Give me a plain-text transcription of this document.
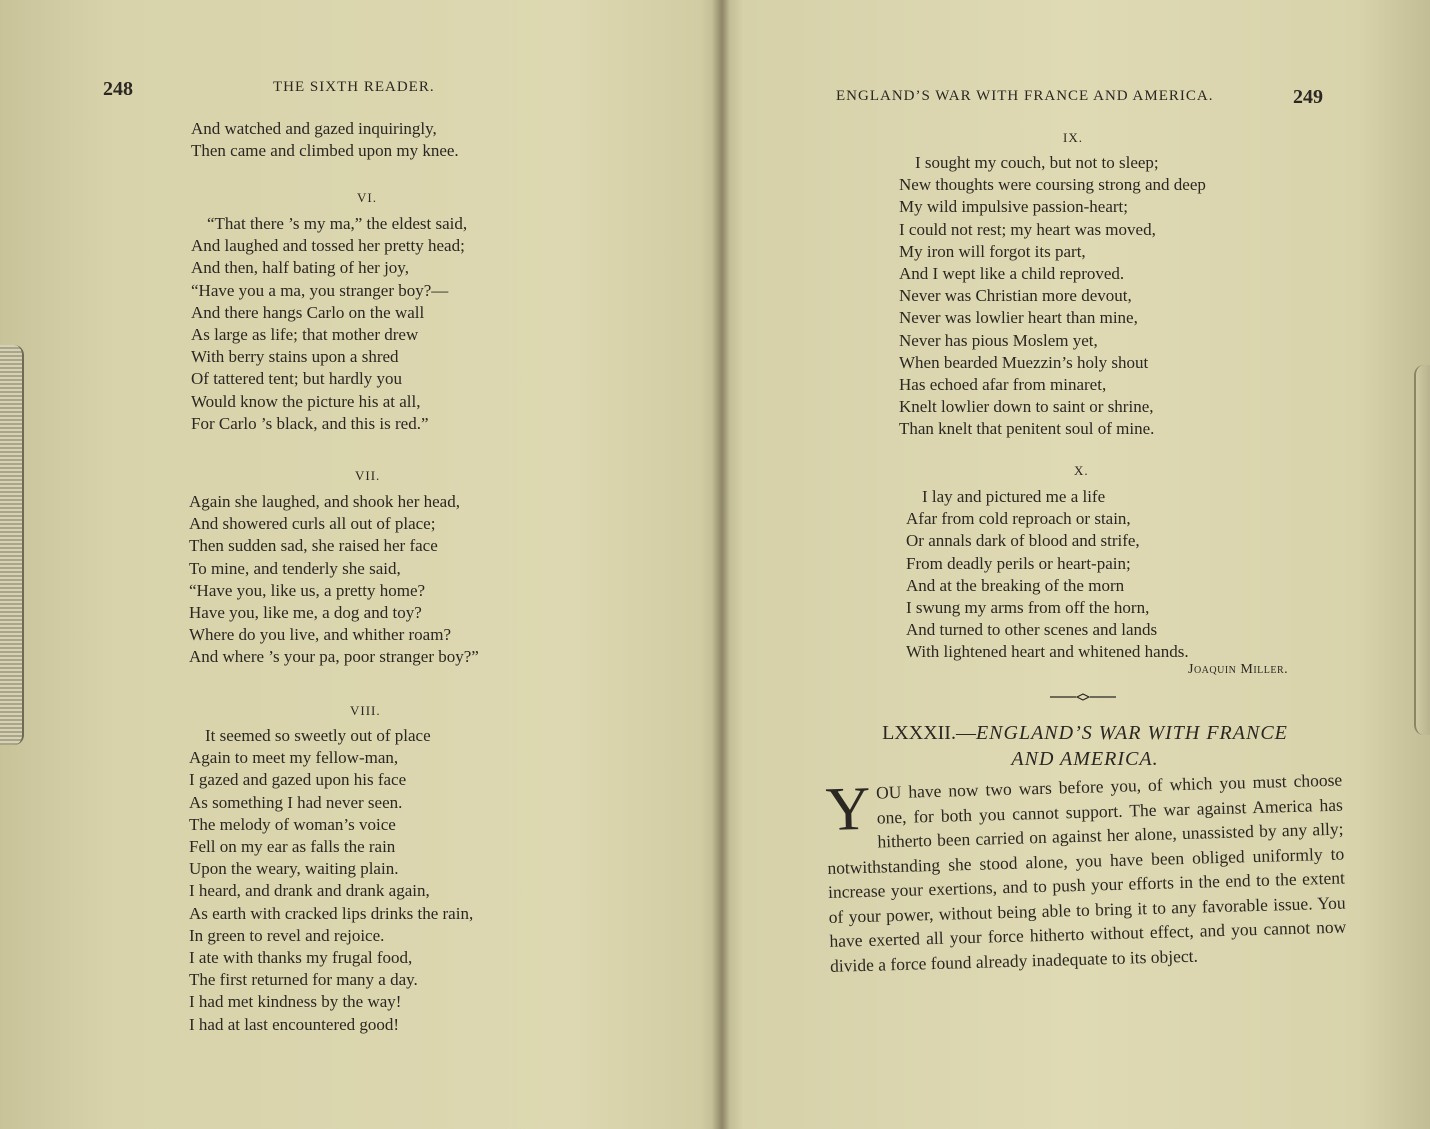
248	THE SIXTH READER.
And watched and gazed inquiringly,
Then came and climbed upon my knee.
VI.
“That there ’s my ma,” the eldest said,
And laughed and tossed her pretty head;
And then, half bating of her joy,
“Have you a ma, you stranger boy?—
And there hangs Carlo on the wall
As large as life; that mother drew
With berry stains upon a shred
Of tattered tent; but hardly you
Would know the picture his at all,
For Carlo ’s black, and this is red.”
VII.
Again she laughed, and shook her head,
And showered curls all out of place;
Then sudden sad, she raised her face
To mine, and tenderly she said,
“Have you, like us, a pretty home?
Have you, like me, a dog and toy?
Where do you live, and whither roam?
And where ’s your pa, poor stranger boy?”
VIII.
It seemed so sweetly out of place
Again to meet my fellow-man,
I gazed and gazed upon his face
As something I had never seen.
The melody of woman’s voice
Fell on my ear as falls the rain
Upon the weary, waiting plain.
I heard, and drank and drank again,
As earth with cracked lips drinks the rain,
In green to revel and rejoice.
I ate with thanks my frugal food,
The first returned for many a day.
I had met kindness by the way!
I had at last encountered good!
ENGLAND’S WAR WITH FRANCE AND AMERICA.	249
IX.
I sought my couch, but not to sleep;
New thoughts were coursing strong and deep
My wild impulsive passion-heart;
I could not rest; my heart was moved,
My iron will forgot its part,
And I wept like a child reproved.
Never was Christian more devout,
Never was lowlier heart than mine,
Never has pious Moslem yet,
When bearded Muezzin’s holy shout
Has echoed afar from minaret,
Knelt lowlier down to saint or shrine,
Than knelt that penitent soul of mine.
X.
I lay and pictured me a life
Afar from cold reproach or stain,
Or annals dark of blood and strife,
From deadly perils or heart-pain;
And at the breaking of the morn
I swung my arms from off the horn,
And turned to other scenes and lands
With lightened heart and whitened hands.
Joaquin Miller.
LXXXII.—ENGLAND’S WAR WITH FRANCE
AND AMERICA.
YOU have now two wars before you, of which you must choose one, for both you cannot support. The war against America has hitherto been carried on against her alone, unassisted by any ally; notwithstanding she stood alone, you have been obliged uniformly to increase your exertions, and to push your efforts in the end to the extent of your power, without being able to bring it to any favorable issue. You have exerted all your force hitherto without effect, and you cannot now divide a force found already inadequate to its object.
